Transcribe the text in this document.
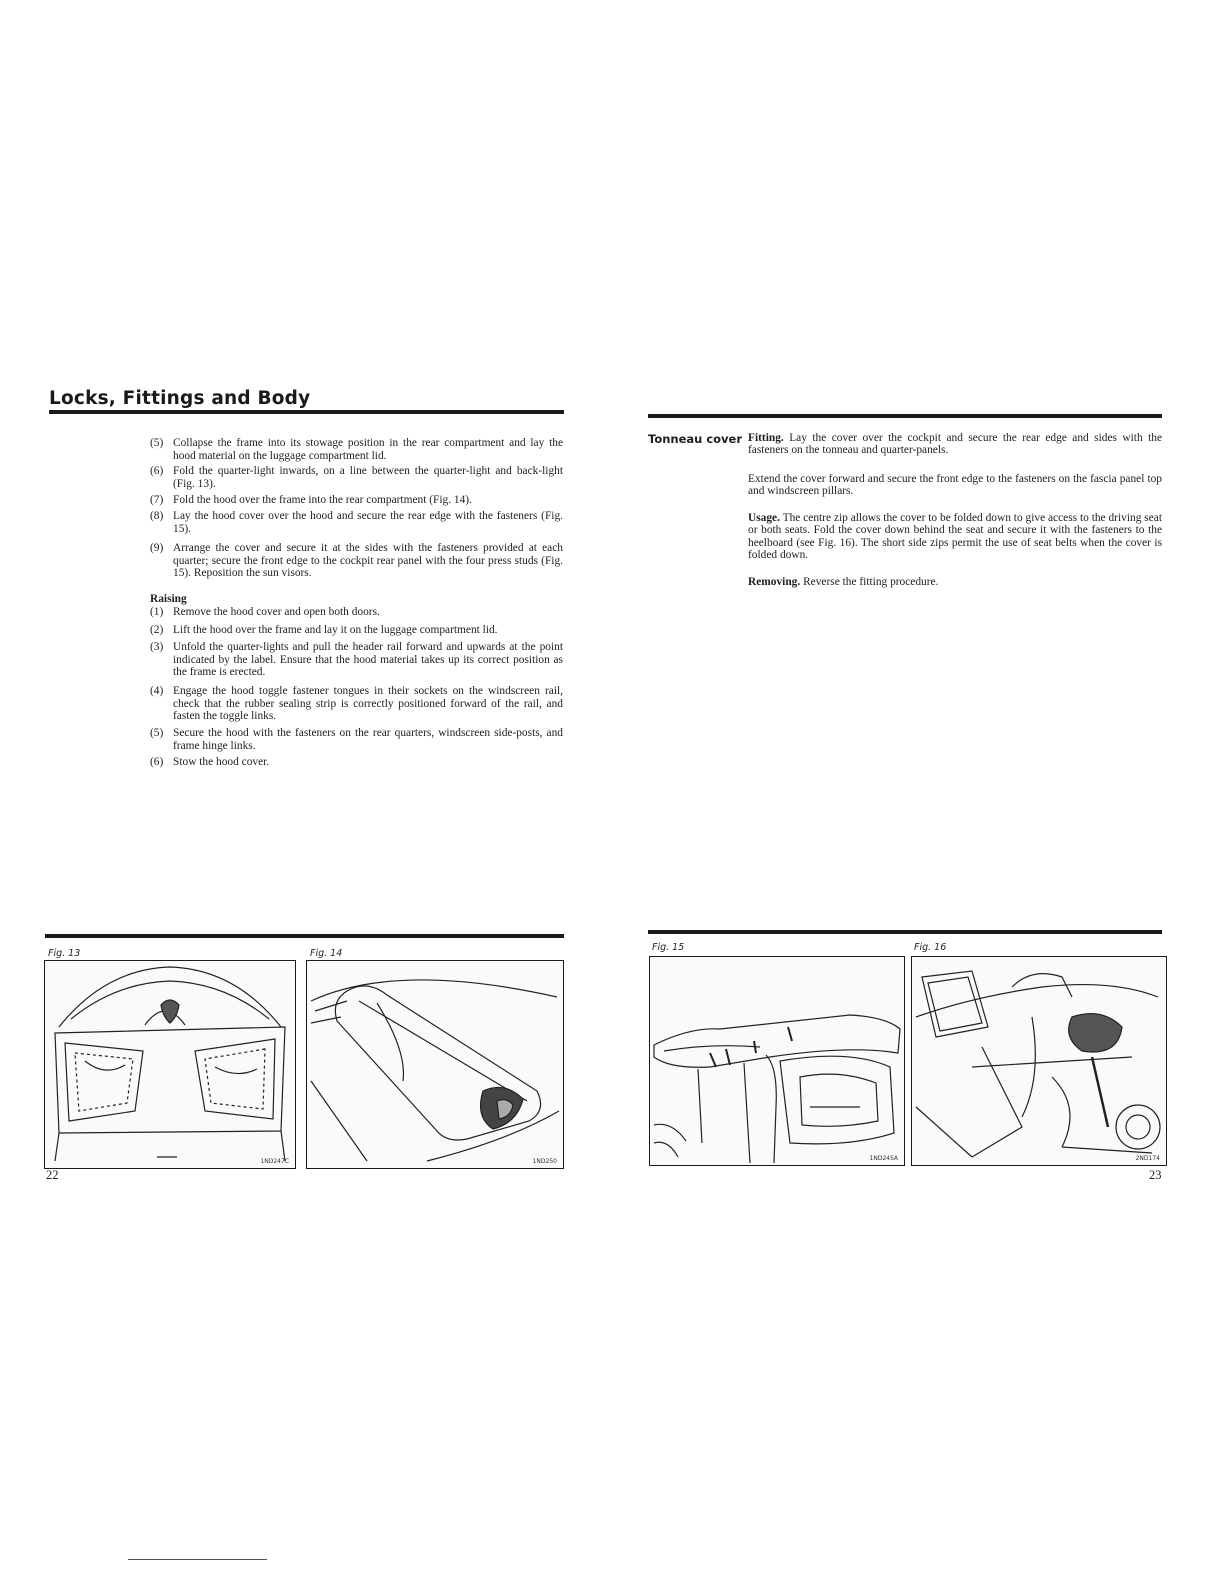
Locks, Fittings and Body
(5) Collapse the frame into its stowage position in the rear compartment and lay the hood material on the luggage compartment lid.
(6) Fold the quarter-light inwards, on a line between the quarter-light and back-light (Fig. 13).
(7) Fold the hood over the frame into the rear compartment (Fig. 14).
(8) Lay the hood cover over the hood and secure the rear edge with the fasteners (Fig. 15).
(9) Arrange the cover and secure it at the sides with the fasteners provided at each quarter; secure the front edge to the cockpit rear panel with the four press studs (Fig. 15). Reposition the sun visors.
Raising
(1) Remove the hood cover and open both doors.
(2) Lift the hood over the frame and lay it on the luggage compartment lid.
(3) Unfold the quarter-lights and pull the header rail forward and upwards at the point indicated by the label. Ensure that the hood material takes up its correct position as the frame is erected.
(4) Engage the hood toggle fastener tongues in their sockets on the windscreen rail, check that the rubber sealing strip is correctly positioned forward of the rail, and fasten the toggle links.
(5) Secure the hood with the fasteners on the rear quarters, windscreen side-posts, and frame hinge links.
(6) Stow the hood cover.
Fig. 13
1ND247C
Fig. 14
1ND250
22
Tonneau cover Fitting. Lay the cover over the cockpit and secure the rear edge and sides with the fasteners on the tonneau and quarter-panels.
Extend the cover forward and secure the front edge to the fasteners on the fascia panel top and windscreen pillars.
Usage. The centre zip allows the cover to be folded down to give access to the driving seat or both seats. Fold the cover down behind the seat and secure it with the fasteners to the heelboard (see Fig. 16). The short side zips permit the use of seat belts when the cover is folded down.
Removing. Reverse the fitting procedure.
Fig. 15
1ND245A
Fig. 16
2ND174
23
